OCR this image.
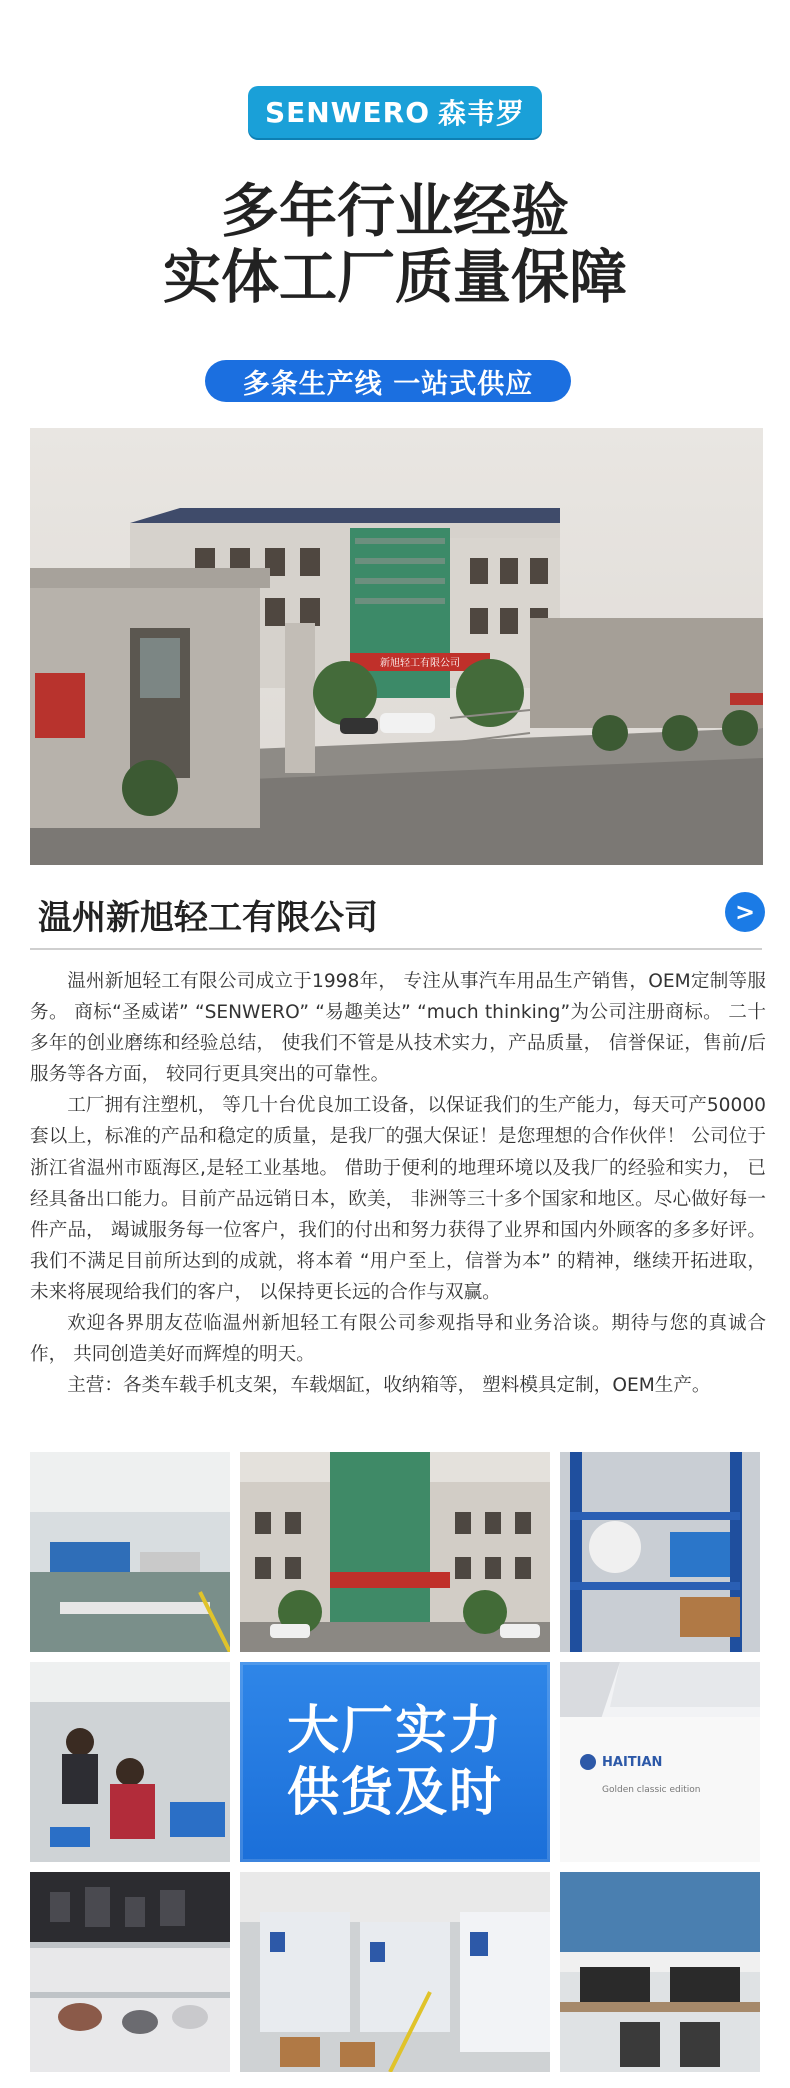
SENWERO 森韦罗
多年行业经验
实体工厂质量保障

多条生产线 一站式供应
新旭轻工有限公司
温州新旭轻工有限公司	>

温州新旭轻工有限公司成立于1998年， 专注从事汽车用品生产销售，OEM定制等服务。 商标“圣威诺” “SENWERO” “易趣美达” “much thinking”为公司注册商标。 二十多年的创业磨练和经验总结， 使我们不管是从技术实力，产品质量， 信誉保证，售前/后服务等各方面， 较同行更具突出的可靠性。

工厂拥有注塑机， 等几十台优良加工设备，以保证我们的生产能力，每天可产50000套以上，标准的产品和稳定的质量，是我厂的强大保证！是您理想的合作伙伴！ 公司位于浙江省温州市瓯海区,是轻工业基地。 借助于便利的地理环境以及我厂的经验和实力， 已经具备出口能力。目前产品远销日本，欧美， 非洲等三十多个国家和地区。尽心做好每一件产品， 竭诚服务每一位客户，我们的付出和努力获得了业界和国内外顾客的多多好评。我们不满足目前所达到的成就，将本着 “用户至上，信誉为本” 的精神，继续开拓进取，未来将展现给我们的客户， 以保持更长远的合作与双赢。

欢迎各界朋友莅临温州新旭轻工有限公司参观指导和业务洽谈。期待与您的真诚合作， 共同创造美好而辉煌的明天。

主营：各类车载手机支架，车载烟缸，收纳箱等， 塑料模具定制，OEM生产。

大厂实力
供货及时
HAITIAN
Golden classic edition
